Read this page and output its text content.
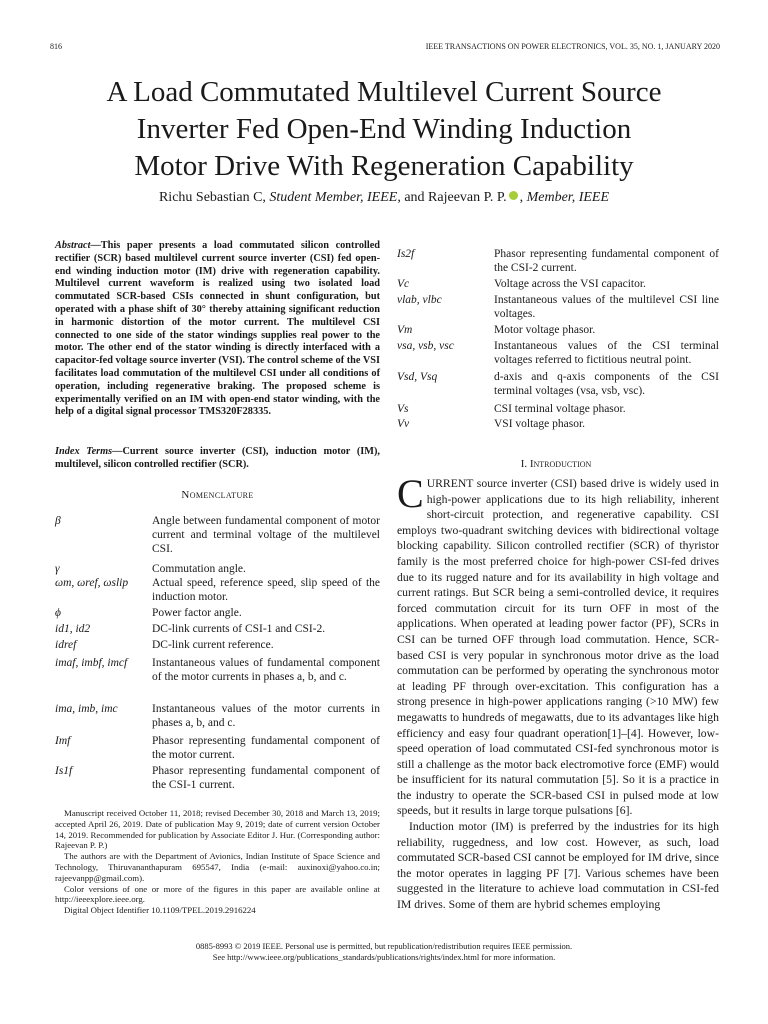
816	IEEE TRANSACTIONS ON POWER ELECTRONICS, VOL. 35, NO. 1, JANUARY 2020
A Load Commutated Multilevel Current Source
Inverter Fed Open-End Winding Induction
Motor Drive With Regeneration Capability
Richu Sebastian C, Student Member, IEEE, and Rajeevan P. P. , Member, IEEE
Abstract—This paper presents a load commutated silicon controlled rectifier (SCR) based multilevel current source inverter (CSI) fed open-end winding induction motor (IM) drive with regeneration capability. Multilevel current waveform is realized using two isolated load commutated SCR-based CSIs connected in shunt configuration, but operated with a phase shift of 30° thereby attaining significant reduction in harmonic distortion of the motor current. The multilevel CSI connected to one side of the stator windings supplies real power to the motor. The other end of the stator winding is directly interfaced with a capacitor-fed voltage source inverter (VSI). The control scheme of the VSI facilitates load commutation of the multilevel CSI under all conditions of operation, including regenerative braking. The proposed scheme is experimentally verified on an IM with open-end stator winding, with the help of a digital signal processor TMS320F28335.
Index Terms—Current source inverter (CSI), induction motor (IM), multilevel, silicon controlled rectifier (SCR).
Nomenclature
β	Angle between fundamental component of motor current and terminal voltage of the multilevel CSI.
γ	Commutation angle.
ωm, ωref, ωslip	Actual speed, reference speed, slip speed of the induction motor.
ϕ	Power factor angle.
id1, id2	DC-link currents of CSI-1 and CSI-2.
idref	DC-link current reference.
imaf, imbf, imcf	Instantaneous values of fundamental component of the motor currents in phases a, b, and c.
ima, imb, imc	Instantaneous values of the motor currents in phases a, b, and c.
Imf	Phasor representing fundamental component of the motor current.
Is1f	Phasor representing fundamental component of the CSI-1 current.
Is2f	Phasor representing fundamental component of the CSI-2 current.
Vc	Voltage across the VSI capacitor.
vlab, vlbc	Instantaneous values of the multilevel CSI line voltages.
Vm	Motor voltage phasor.
vsa, vsb, vsc	Instantaneous values of the CSI terminal voltages referred to fictitious neutral point.
Vsd, Vsq	d-axis and q-axis components of the CSI terminal voltages (vsa, vsb, vsc).
Vs	CSI terminal voltage phasor.
Vv	VSI voltage phasor.

Manuscript received October 11, 2018; revised December 30, 2018 and March 13, 2019; accepted April 26, 2019. Date of publication May 9, 2019; date of current version October 14, 2019. Recommended for publication by Associate Editor J. Hur. (Corresponding author: Rajeevan P. P.)

The authors are with the Department of Avionics, Indian Institute of Space Science and Technology, Thiruvananthapuram 695547, India (e-mail: auxinoxi@yahoo.co.in; rajeevanpp@gmail.com).

Color versions of one or more of the figures in this paper are available online at http://ieeexplore.ieee.org.

Digital Object Identifier 10.1109/TPEL.2019.2916224

I. Introduction

CURRENT source inverter (CSI) based drive is widely used in high-power applications due to its high reliability, inherent short-circuit protection, and regenerative capability. CSI employs two-quadrant switching devices with bidirectional voltage blocking capability. Silicon controlled rectifier (SCR) of thyristor family is the most preferred choice for high-power CSI-fed drives due to its rugged nature and for its availability in high voltage and current ratings. But SCR being a semi-controlled device, it requires forced commutation circuit for its turn OFF in most of the applications. When operated at leading power factor (PF), SCRs in CSI can be turned OFF through load commutation. Hence, SCR-based CSI is very popular in synchronous motor drive as the load commutation can be performed by operating the synchronous motor at leading PF through over-excitation. This configuration has a strong presence in high-power applications ranging (>10 MW) few megawatts to hundreds of megawatts, due to its advantages like high efficiency and easy four quadrant operation[1]–[4]. However, low-speed operation of load commutated CSI-fed synchronous motor is still a challenge as the motor back electromotive force (EMF) would be insufficient for its natural commutation [5]. So it is a practice in the industry to operate the SCR-based CSI in pulsed mode at low speeds, but it results in large torque pulsations [6].

Induction motor (IM) is preferred by the industries for its high reliability, ruggedness, and low cost. However, as such, load commutated SCR-based CSI cannot be employed for IM drive, since the motor operates in lagging PF [7]. Various schemes have been suggested in the literature to achieve load commutation in CSI-fed IM drives. Some of them are hybrid schemes employing

0885-8993 © 2019 IEEE. Personal use is permitted, but republication/redistribution requires IEEE permission.
See http://www.ieee.org/publications_standards/publications/rights/index.html for more information.
